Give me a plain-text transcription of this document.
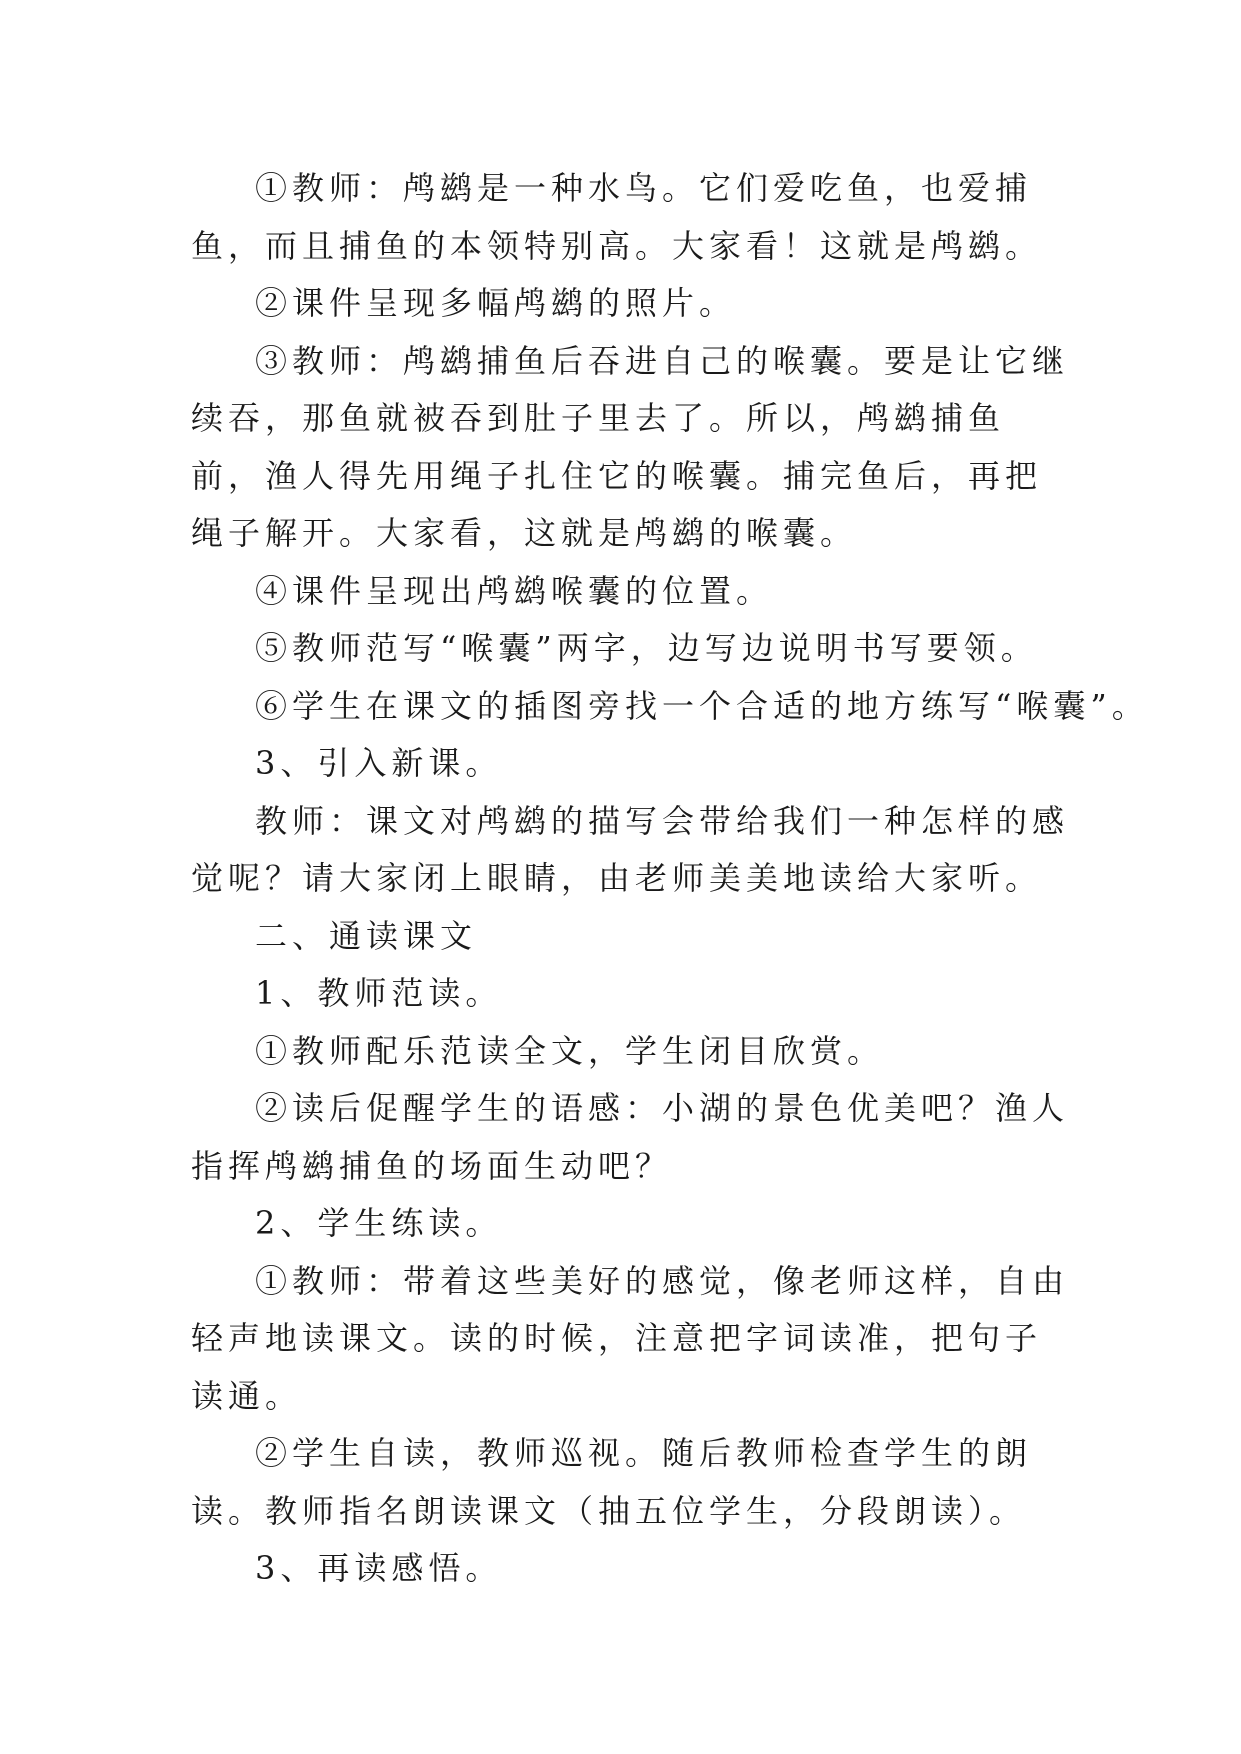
①教师：鸬鹚是一种水鸟。它们爱吃鱼，也爱捕鱼，而且捕鱼的本领特别高。大家看！这就是鸬鹚。

②课件呈现多幅鸬鹚的照片。

③教师：鸬鹚捕鱼后吞进自己的喉囊。要是让它继续吞，那鱼就被吞到肚子里去了。所以，鸬鹚捕鱼前，渔人得先用绳子扎住它的喉囊。捕完鱼后，再把绳子解开。大家看，这就是鸬鹚的喉囊。

④课件呈现出鸬鹚喉囊的位置。

⑤教师范写“喉囊”两字，边写边说明书写要领。

⑥学生在课文的插图旁找一个合适的地方练写“喉囊”。

3、引入新课。

教师：课文对鸬鹚的描写会带给我们一种怎样的感觉呢？请大家闭上眼睛，由老师美美地读给大家听。

二、通读课文

1、教师范读。

①教师配乐范读全文，学生闭目欣赏。

②读后促醒学生的语感：小湖的景色优美吧？渔人指挥鸬鹚捕鱼的场面生动吧？

2、学生练读。

①教师：带着这些美好的感觉，像老师这样，自由轻声地读课文。读的时候，注意把字词读准，把句子读通。

②学生自读，教师巡视。随后教师检查学生的朗读。教师指名朗读课文（抽五位学生，分段朗读）。

3、再读感悟。
